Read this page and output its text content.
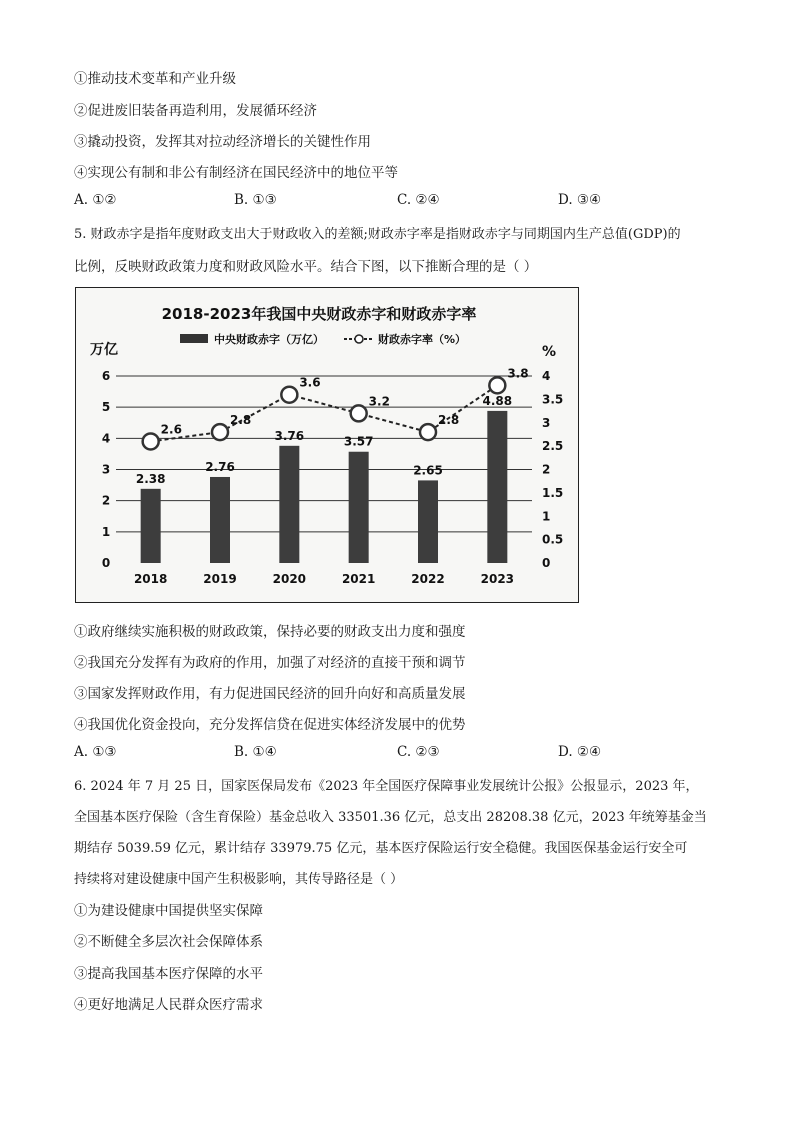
①推动技术变革和产业升级
②促进废旧装备再造利用，发展循环经济
③撬动投资，发挥其对拉动经济增长的关键性作用
④实现公有制和非公有制经济在国民经济中的地位平等
A. ①②	B. ①③	C. ②④	D. ③④
5. 财政赤字是指年度财政支出大于财政收入的差额;财政赤字率是指财政赤字与同期国内生产总值(GDP)的
比例，反映财政政策力度和财政风险水平。结合下图，以下推断合理的是（ ）
2018-2023年我国中央财政赤字和财政赤字率
中央财政赤字（万亿）	财政赤字率（%）
万亿	%
0
1
2
3
4
5
6
0
0.5
1
1.5
2
2.5
3
3.5
4
2.38
2018
2.76
2019
3.76
2020
3.57
2021
2.65
2022
4.88
2023
2.6
2.8
3.6
3.2
2.8
3.8
①政府继续实施积极的财政政策，保持必要的财政支出力度和强度
②我国充分发挥有为政府的作用，加强了对经济的直接干预和调节
③国家发挥财政作用，有力促进国民经济的回升向好和高质量发展
④我国优化资金投向，充分发挥信贷在促进实体经济发展中的优势
A. ①③	B. ①④	C. ②③	D. ②④
6. 2024 年 7 月 25 日，国家医保局发布《2023 年全国医疗保障事业发展统计公报》公报显示，2023 年，
全国基本医疗保险（含生育保险）基金总收入 33501.36 亿元，总支出 28208.38 亿元，2023 年统筹基金当
期结存 5039.59 亿元，累计结存 33979.75 亿元，基本医疗保险运行安全稳健。我国医保基金运行安全可
持续将对建设健康中国产生积极影响，其传导路径是（ ）
①为建设健康中国提供坚实保障
②不断健全多层次社会保障体系
③提高我国基本医疗保障的水平
④更好地满足人民群众医疗需求
